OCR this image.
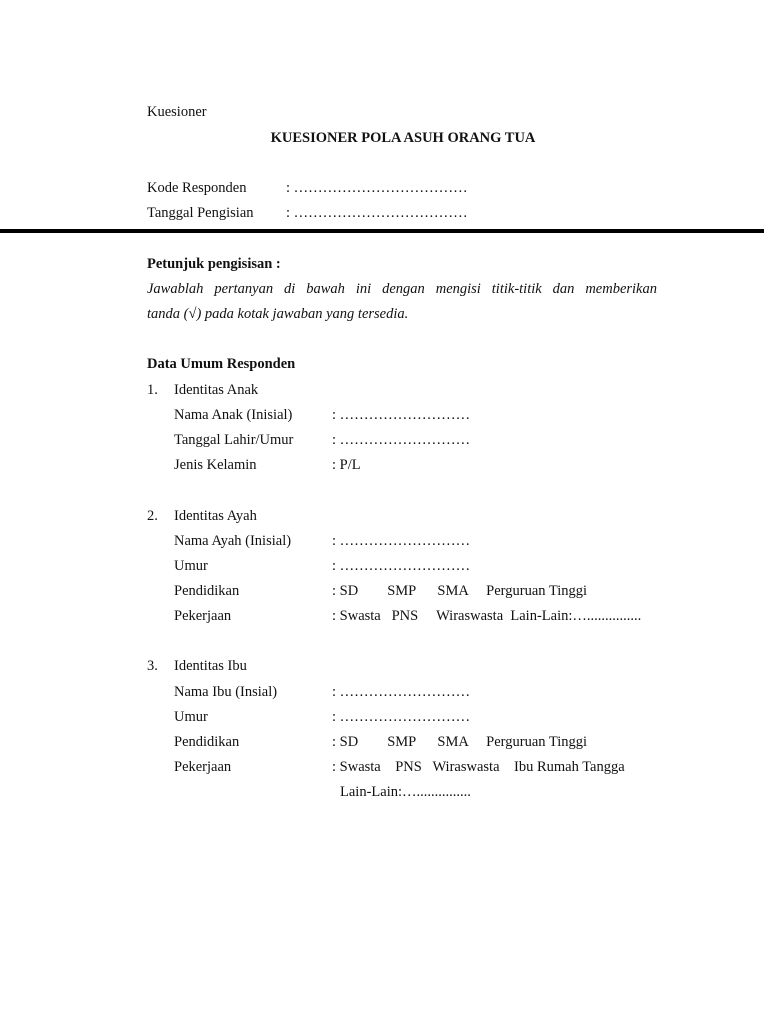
Kuesioner
KUESIONER POLA ASUH ORANG TUA
Kode Responden	: ………………………………
Tanggal Pengisian : ………………………………
Petunjuk pengisisan :
Jawablah pertanyan di bawah ini dengan mengisi titik-titik dan memberikan
tanda (√) pada kotak jawaban yang tersedia.
Data Umum Responden
1. Identitas Anak
Nama Anak (Inisial)	: ………………………
Tanggal Lahir/Umur	: ………………………
Jenis Kelamin	: P/L
2. Identitas Ayah
Nama Ayah (Inisial)	: ………………………
Umur	: ………………………
Pendidikan	: SD        SMP      SMA     Perguruan Tinggi
Pekerjaan	: Swasta   PNS     Wiraswasta  Lain-Lain:…...............
3. Identitas Ibu
Nama Ibu (Insial)	: ………………………
Umur	: ………………………
Pendidikan	: SD        SMP      SMA     Perguruan Tinggi
Pekerjaan	: Swasta    PNS   Wiraswasta    Ibu Rumah Tangga
Lain-Lain:…...............
